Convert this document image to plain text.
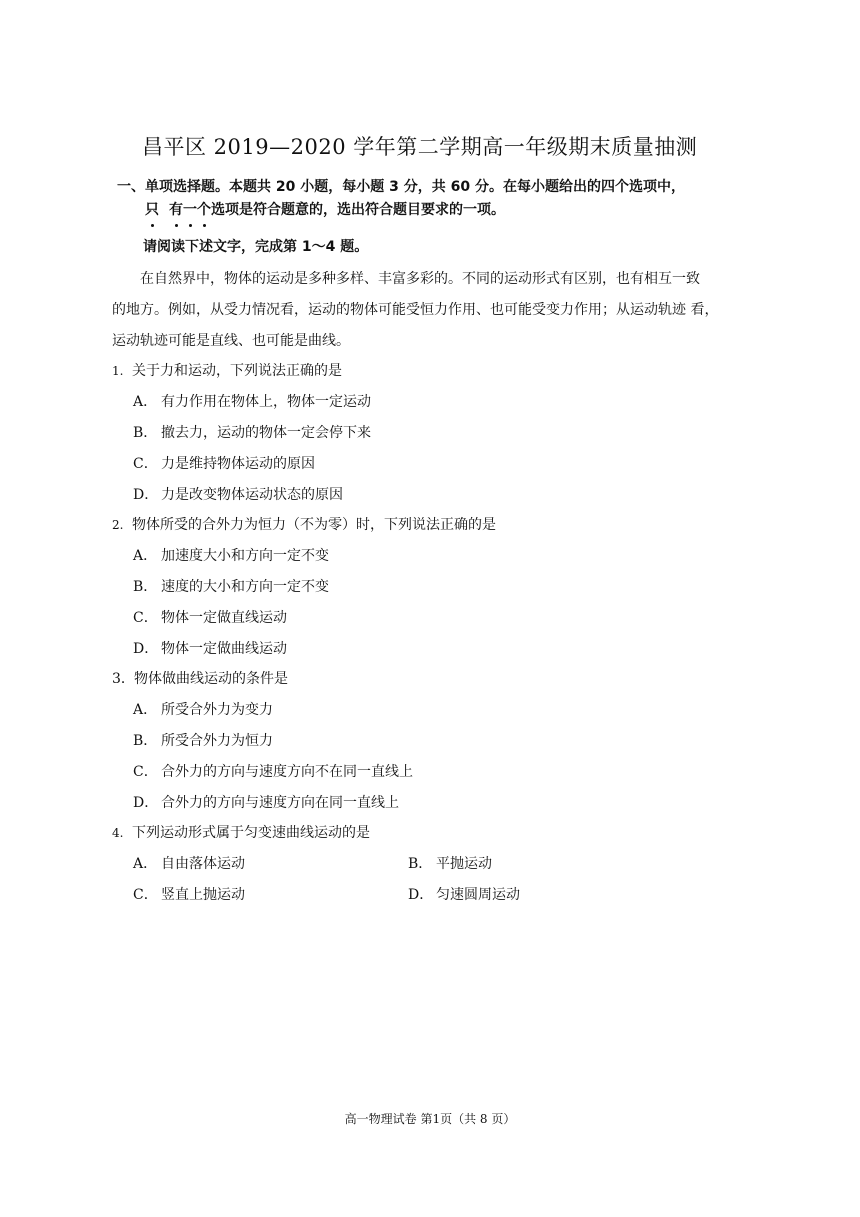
昌平区 2019—2020 学年第二学期高一年级期末质量抽测
一、单项选择题。本题共 20 小题，每小题 3 分，共 60 分。在每小题给出的四个选项中，
只 有一个选项是符合题意的，选出符合题目要求的一项。
请阅读下述文字，完成第 1～4 题。
在自然界中，物体的运动是多种多样、丰富多彩的。不同的运动形式有区别，也有相互一致
的地方。例如，从受力情况看，运动的物体可能受恒力作用、也可能受变力作用；从运动轨迹 看，
运动轨迹可能是直线、也可能是曲线。
1. 关于力和运动，下列说法正确的是
A． 有力作用在物体上，物体一定运动
B． 撤去力，运动的物体一定会停下来
C． 力是维持物体运动的原因
D． 力是改变物体运动状态的原因
2. 物体所受的合外力为恒力（不为零）时，下列说法正确的是
A． 加速度大小和方向一定不变
B． 速度的大小和方向一定不变
C． 物体一定做直线运动
D． 物体一定做曲线运动
3．物体做曲线运动的条件是
A． 所受合外力为变力
B． 所受合外力为恒力
C． 合外力的方向与速度方向不在同一直线上
D． 合外力的方向与速度方向在同一直线上
4. 下列运动形式属于匀变速曲线运动的是
A． 自由落体运动	B． 平抛运动
C． 竖直上抛运动	D． 匀速圆周运动
高一物理试卷 第1页（共 8 页）
